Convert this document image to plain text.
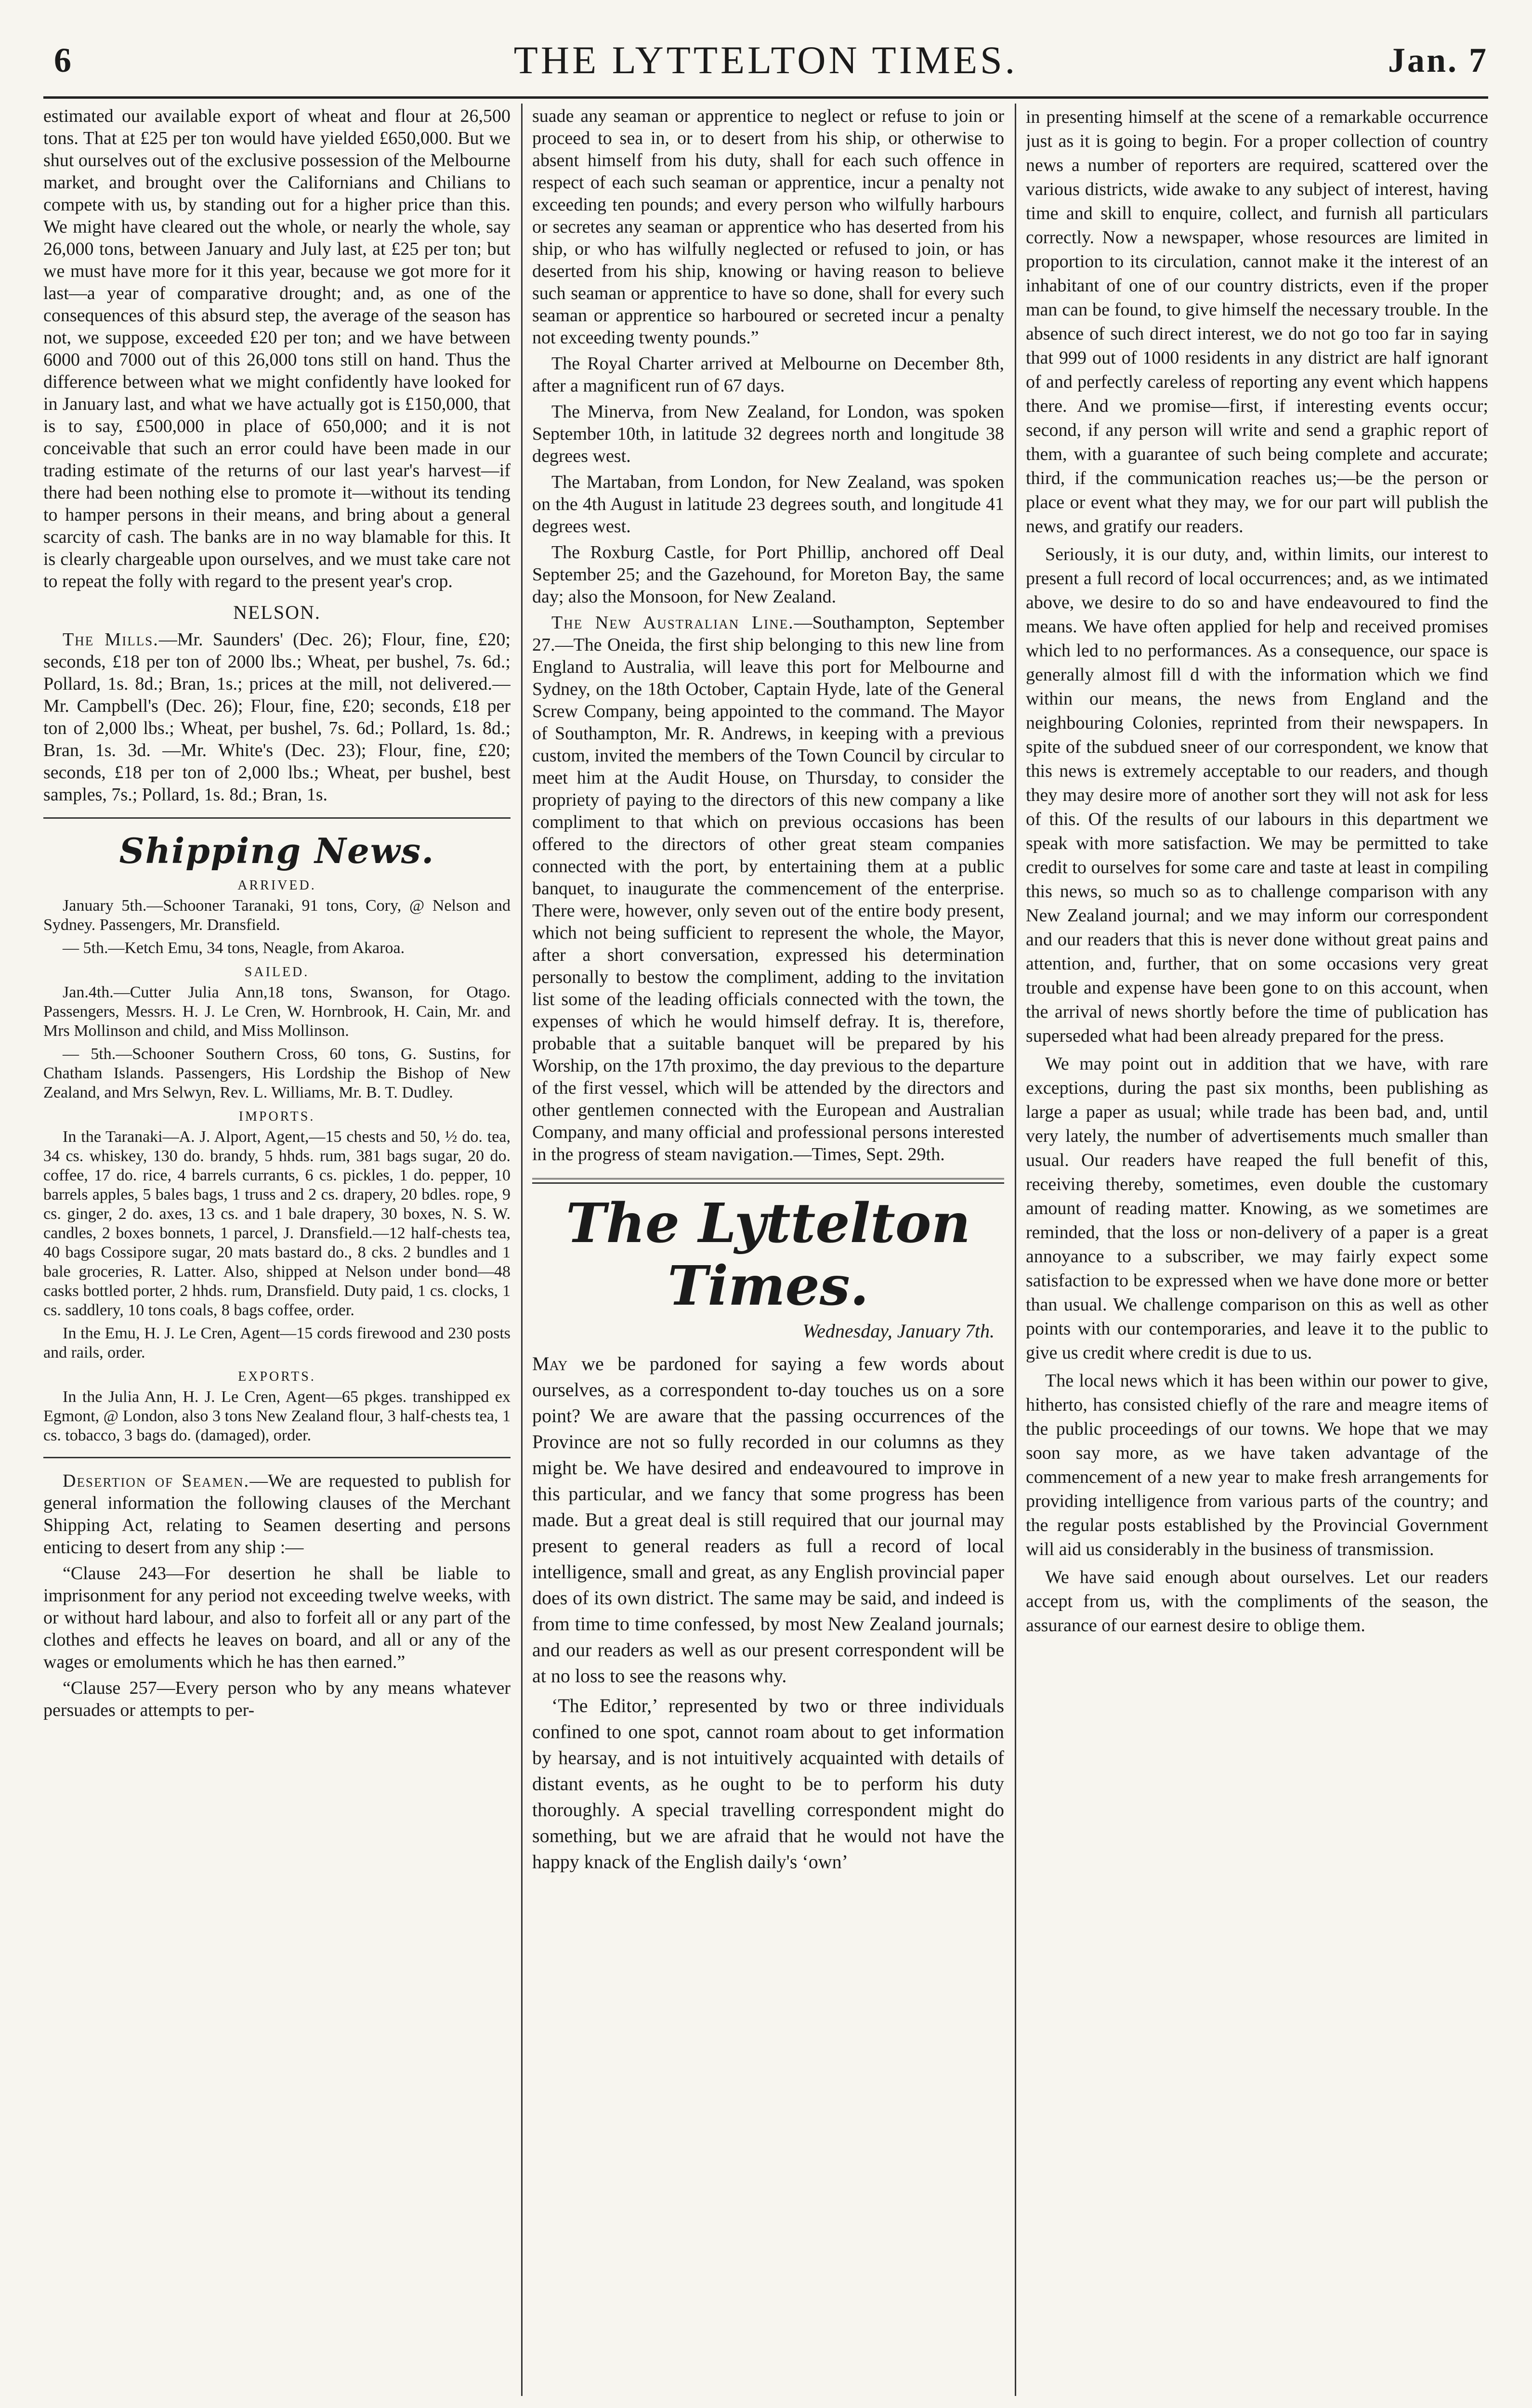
6	THE LYTTELTON TIMES.	Jan. 7

estimated our available export of wheat and flour at 26,500 tons. That at £25 per ton would have yielded £650,000. But we shut ourselves out of the exclusive possession of the Melbourne market, and brought over the Californians and Chilians to compete with us, by standing out for a higher price than this. We might have cleared out the whole, or nearly the whole, say 26,000 tons, between January and July last, at £25 per ton; but we must have more for it this year, because we got more for it last—a year of comparative drought; and, as one of the consequences of this absurd step, the average of the season has not, we suppose, exceeded £20 per ton; and we have between 6000 and 7000 out of this 26,000 tons still on hand. Thus the difference between what we might confidently have looked for in January last, and what we have actually got is £150,000, that is to say, £500,000 in place of 650,000; and it is not conceivable that such an error could have been made in our trading estimate of the returns of our last year's harvest—if there had been nothing else to promote it—without its tending to hamper persons in their means, and bring about a general scarcity of cash. The banks are in no way blamable for this. It is clearly chargeable upon ourselves, and we must take care not to repeat the folly with regard to the present year's crop.

NELSON.

The Mills.—Mr. Saunders' (Dec. 26); Flour, fine, £20; seconds, £18 per ton of 2000 lbs.; Wheat, per bushel, 7s. 6d.; Pollard, 1s. 8d.; Bran, 1s.; prices at the mill, not delivered.—Mr. Campbell's (Dec. 26); Flour, fine, £20; seconds, £18 per ton of 2,000 lbs.; Wheat, per bushel, 7s. 6d.; Pollard, 1s. 8d.; Bran, 1s. 3d. —Mr. White's (Dec. 23); Flour, fine, £20; seconds, £18 per ton of 2,000 lbs.; Wheat, per bushel, best samples, 7s.; Pollard, 1s. 8d.; Bran, 1s.

Shipping News.
ARRIVED.

January 5th.—Schooner Taranaki, 91 tons, Cory, @ Nelson and Sydney. Passengers, Mr. Dransfield.

— 5th.—Ketch Emu, 34 tons, Neagle, from Akaroa.

SAILED.

Jan.4th.—Cutter Julia Ann,18 tons, Swanson, for Otago. Passengers, Messrs. H. J. Le Cren, W. Hornbrook, H. Cain, Mr. and Mrs Mollinson and child, and Miss Mollinson.

— 5th.—Schooner Southern Cross, 60 tons, G. Sustins, for Chatham Islands. Passengers, His Lordship the Bishop of New Zealand, and Mrs Selwyn, Rev. L. Williams, Mr. B. T. Dudley.

IMPORTS.

In the Taranaki—A. J. Alport, Agent,—15 chests and 50, ½ do. tea, 34 cs. whiskey, 130 do. brandy, 5 hhds. rum, 381 bags sugar, 20 do. coffee, 17 do. rice, 4 barrels currants, 6 cs. pickles, 1 do. pepper, 10 barrels apples, 5 bales bags, 1 truss and 2 cs. drapery, 20 bdles. rope, 9 cs. ginger, 2 do. axes, 13 cs. and 1 bale drapery, 30 boxes, N. S. W. candles, 2 boxes bonnets, 1 parcel, J. Dransfield.—12 half-chests tea, 40 bags Cossipore sugar, 20 mats bastard do., 8 cks. 2 bundles and 1 bale groceries, R. Latter. Also, shipped at Nelson under bond—48 casks bottled porter, 2 hhds. rum, Dransfield. Duty paid, 1 cs. clocks, 1 cs. saddlery, 10 tons coals, 8 bags coffee, order.

In the Emu, H. J. Le Cren, Agent—15 cords firewood and 230 posts and rails, order.

EXPORTS.

In the Julia Ann, H. J. Le Cren, Agent—65 pkges. transhipped ex Egmont, @ London, also 3 tons New Zealand flour, 3 half-chests tea, 1 cs. tobacco, 3 bags do. (damaged), order.

Desertion of Seamen.—We are requested to publish for general information the following clauses of the Merchant Shipping Act, relating to Seamen deserting and persons enticing to desert from any ship :—

“Clause 243—For desertion he shall be liable to imprisonment for any period not exceeding twelve weeks, with or without hard labour, and also to forfeit all or any part of the clothes and effects he leaves on board, and all or any of the wages or emoluments which he has then earned.”

“Clause 257—Every person who by any means whatever persuades or attempts to per-

suade any seaman or apprentice to neglect or refuse to join or proceed to sea in, or to desert from his ship, or otherwise to absent himself from his duty, shall for each such offence in respect of each such seaman or apprentice, incur a penalty not exceeding ten pounds; and every person who wilfully harbours or secretes any seaman or apprentice who has deserted from his ship, or who has wilfully neglected or refused to join, or has deserted from his ship, knowing or having reason to believe such seaman or apprentice to have so done, shall for every such seaman or apprentice so harboured or secreted incur a penalty not exceeding twenty pounds.”

The Royal Charter arrived at Melbourne on December 8th, after a magnificent run of 67 days.

The Minerva, from New Zealand, for London, was spoken September 10th, in latitude 32 degrees north and longitude 38 degrees west.

The Martaban, from London, for New Zealand, was spoken on the 4th August in latitude 23 degrees south, and longitude 41 degrees west.

The Roxburg Castle, for Port Phillip, anchored off Deal September 25; and the Gazehound, for Moreton Bay, the same day; also the Monsoon, for New Zealand.

The New Australian Line.—Southampton, September 27.—The Oneida, the first ship belonging to this new line from England to Australia, will leave this port for Melbourne and Sydney, on the 18th October, Captain Hyde, late of the General Screw Company, being appointed to the command. The Mayor of Southampton, Mr. R. Andrews, in keeping with a previous custom, invited the members of the Town Council by circular to meet him at the Audit House, on Thursday, to consider the propriety of paying to the directors of this new company a like compliment to that which on previous occasions has been offered to the directors of other great steam companies connected with the port, by entertaining them at a public banquet, to inaugurate the commencement of the enterprise. There were, however, only seven out of the entire body present, which not being sufficient to represent the whole, the Mayor, after a short conversation, expressed his determination personally to bestow the compliment, adding to the invitation list some of the leading officials connected with the town, the expenses of which he would himself defray. It is, therefore, probable that a suitable banquet will be prepared by his Worship, on the 17th proximo, the day previous to the departure of the first vessel, which will be attended by the directors and other gentlemen connected with the European and Australian Company, and many official and professional persons interested in the progress of steam navigation.—Times, Sept. 29th.

The Lyttelton Times.
Wednesday, January 7th.

May we be pardoned for saying a few words about ourselves, as a correspondent to-day touches us on a sore point? We are aware that the passing occurrences of the Province are not so fully recorded in our columns as they might be. We have desired and endeavoured to improve in this particular, and we fancy that some progress has been made. But a great deal is still required that our journal may present to general readers as full a record of local intelligence, small and great, as any English provincial paper does of its own district. The same may be said, and indeed is from time to time confessed, by most New Zealand journals; and our readers as well as our present correspondent will be at no loss to see the reasons why.

‘The Editor,’ represented by two or three individuals confined to one spot, cannot roam about to get information by hearsay, and is not intuitively acquainted with details of distant events, as he ought to be to perform his duty thoroughly. A special travelling correspondent might do something, but we are afraid that he would not have the happy knack of the English daily's ‘own’

in presenting himself at the scene of a remarkable occurrence just as it is going to begin. For a proper collection of country news a number of reporters are required, scattered over the various districts, wide awake to any subject of interest, having time and skill to enquire, collect, and furnish all particulars correctly. Now a newspaper, whose resources are limited in proportion to its circulation, cannot make it the interest of an inhabitant of one of our country districts, even if the proper man can be found, to give himself the necessary trouble. In the absence of such direct interest, we do not go too far in saying that 999 out of 1000 residents in any district are half ignorant of and perfectly careless of reporting any event which happens there. And we promise—first, if interesting events occur; second, if any person will write and send a graphic report of them, with a guarantee of such being complete and accurate; third, if the communication reaches us;—be the person or place or event what they may, we for our part will publish the news, and gratify our readers.

Seriously, it is our duty, and, within limits, our interest to present a full record of local occurrences; and, as we intimated above, we desire to do so and have endeavoured to find the means. We have often applied for help and received promises which led to no performances. As a consequence, our space is generally almost fill d with the information which we find within our means, the news from England and the neighbouring Colonies, reprinted from their newspapers. In spite of the subdued sneer of our correspondent, we know that this news is extremely acceptable to our readers, and though they may desire more of another sort they will not ask for less of this. Of the results of our labours in this department we speak with more satisfaction. We may be permitted to take credit to ourselves for some care and taste at least in compiling this news, so much so as to challenge comparison with any New Zealand journal; and we may inform our correspondent and our readers that this is never done without great pains and attention, and, further, that on some occasions very great trouble and expense have been gone to on this account, when the arrival of news shortly before the time of publication has superseded what had been already prepared for the press.

We may point out in addition that we have, with rare exceptions, during the past six months, been publishing as large a paper as usual; while trade has been bad, and, until very lately, the number of advertisements much smaller than usual. Our readers have reaped the full benefit of this, receiving thereby, sometimes, even double the customary amount of reading matter. Knowing, as we sometimes are reminded, that the loss or non-delivery of a paper is a great annoyance to a subscriber, we may fairly expect some satisfaction to be expressed when we have done more or better than usual. We challenge comparison on this as well as other points with our contemporaries, and leave it to the public to give us credit where credit is due to us.

The local news which it has been within our power to give, hitherto, has consisted chiefly of the rare and meagre items of the public proceedings of our towns. We hope that we may soon say more, as we have taken advantage of the commencement of a new year to make fresh arrangements for providing intelligence from various parts of the country; and the regular posts established by the Provincial Government will aid us considerably in the business of transmission.

We have said enough about ourselves. Let our readers accept from us, with the compliments of the season, the assurance of our earnest desire to oblige them.
